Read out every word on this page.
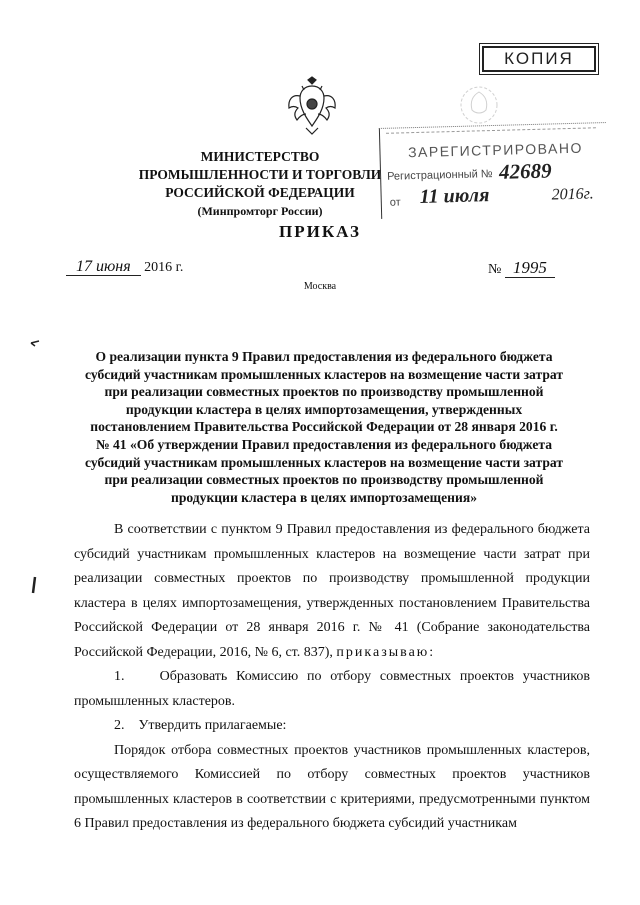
КОПИЯ
МИНИСТЕРСТВО ПРОМЫШЛЕННОСТИ И ТОРГОВЛИ
РОССИЙСКОЙ ФЕДЕРАЦИИ
(Минпромторг России)
ЗАРЕГИСТРИРОВАНО
Регистрационный № 42689
от 11 июля	2016г.
ПРИКАЗ
17 июня 2016 г.	№ 1995
Москва
О реализации пункта 9 Правил предоставления из федерального бюджета
субсидий участникам промышленных кластеров на возмещение части затрат
при реализации совместных проектов по производству промышленной
продукции кластера в целях импортозамещения, утвержденных
постановлением Правительства Российской Федерации от 28 января 2016 г.
№ 41 «Об утверждении Правил предоставления из федерального бюджета
субсидий участникам промышленных кластеров на возмещение части затрат
при реализации совместных проектов по производству промышленной
продукции кластера в целях импортозамещения»

В соответствии с пунктом 9 Правил предоставления из федерального бюджета субсидий участникам промышленных кластеров на возмещение части затрат при реализации совместных проектов по производству промышленной продукции кластера в целях импортозамещения, утвержденных постановлением Правительства Российской Федерации от 28 января 2016 г. № 41 (Собрание законодательства Российской Федерации, 2016, № 6, ст. 837), приказываю:

1.	Образовать Комиссию по отбору совместных проектов участников промышленных кластеров.

2. Утвердить прилагаемые:

Порядок отбора совместных проектов участников промышленных кластеров, осуществляемого Комиссией по отбору совместных проектов участников промышленных кластеров в соответствии с критериями, предусмотренными пунктом 6 Правил предоставления из федерального бюджета субсидий участникам
